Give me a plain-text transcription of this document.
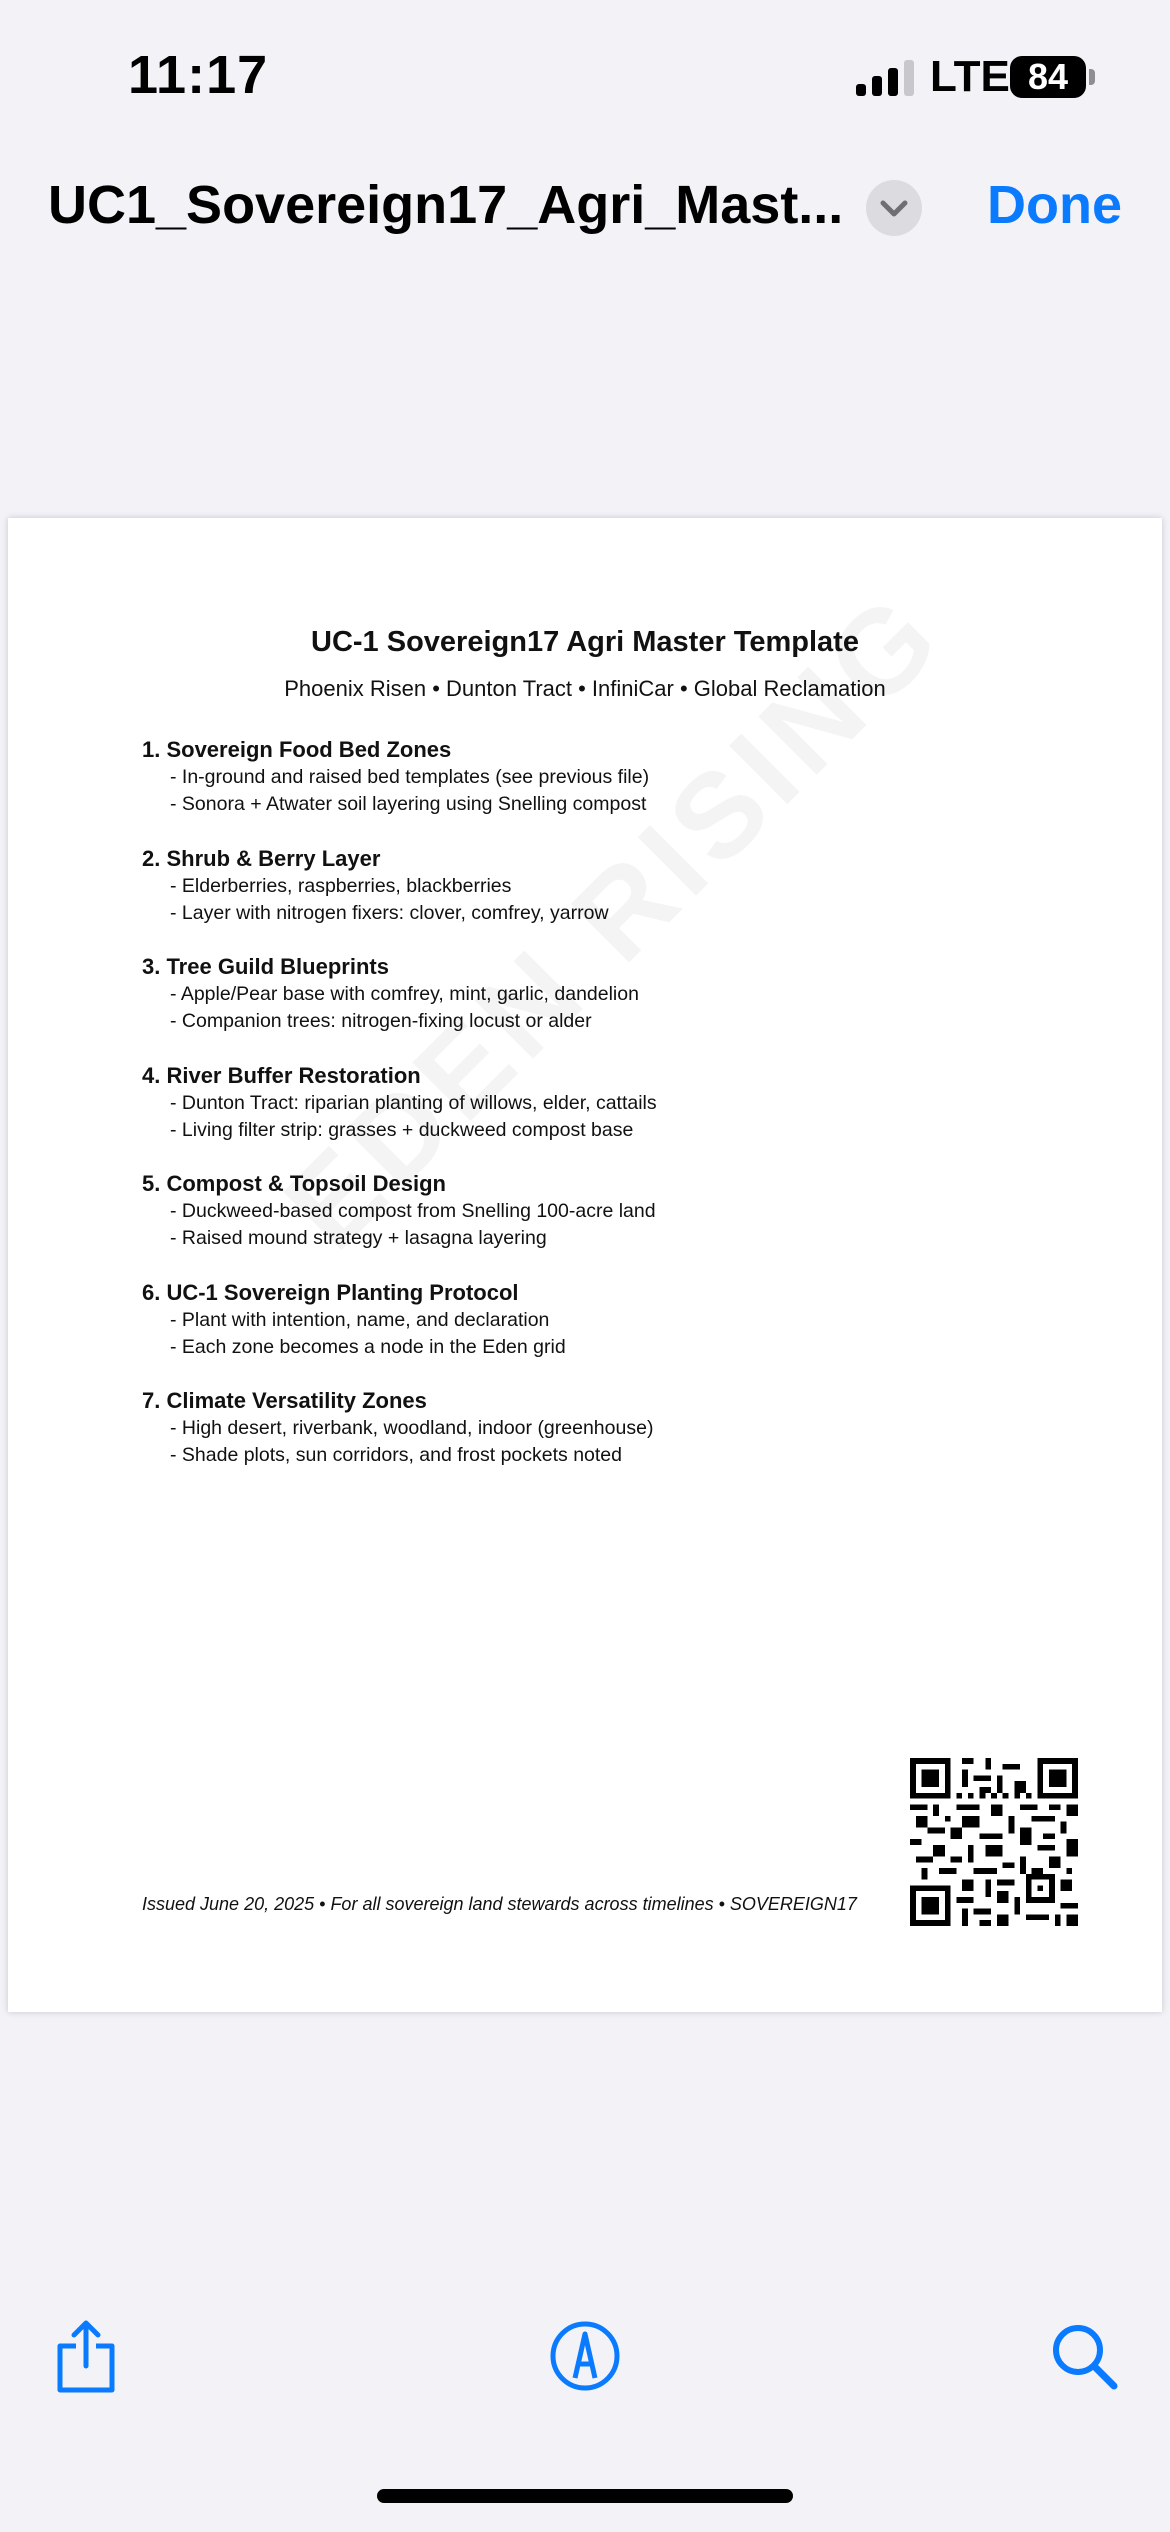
11:17	LTE 84
UC1_Sovereign17_Agri_Mast...	Done
UC-1 Sovereign17 Agri Master Template
Phoenix Risen • Dunton Tract • InfiniCar • Global Reclamation
1. Sovereign Food Bed Zones
- In-ground and raised bed templates (see previous file)
- Sonora + Atwater soil layering using Snelling compost
2. Shrub & Berry Layer
- Elderberries, raspberries, blackberries
- Layer with nitrogen fixers: clover, comfrey, yarrow
3. Tree Guild Blueprints
- Apple/Pear base with comfrey, mint, garlic, dandelion
- Companion trees: nitrogen-fixing locust or alder
4. River Buffer Restoration
- Dunton Tract: riparian planting of willows, elder, cattails
- Living filter strip: grasses + duckweed compost base
5. Compost & Topsoil Design
- Duckweed-based compost from Snelling 100-acre land
- Raised mound strategy + lasagna layering
6. UC-1 Sovereign Planting Protocol
- Plant with intention, name, and declaration
- Each zone becomes a node in the Eden grid
7. Climate Versatility Zones
- High desert, riverbank, woodland, indoor (greenhouse)
- Shade plots, sun corridors, and frost pockets noted
Issued June 20, 2025 • For all sovereign land stewards across timelines • SOVEREIGN17
